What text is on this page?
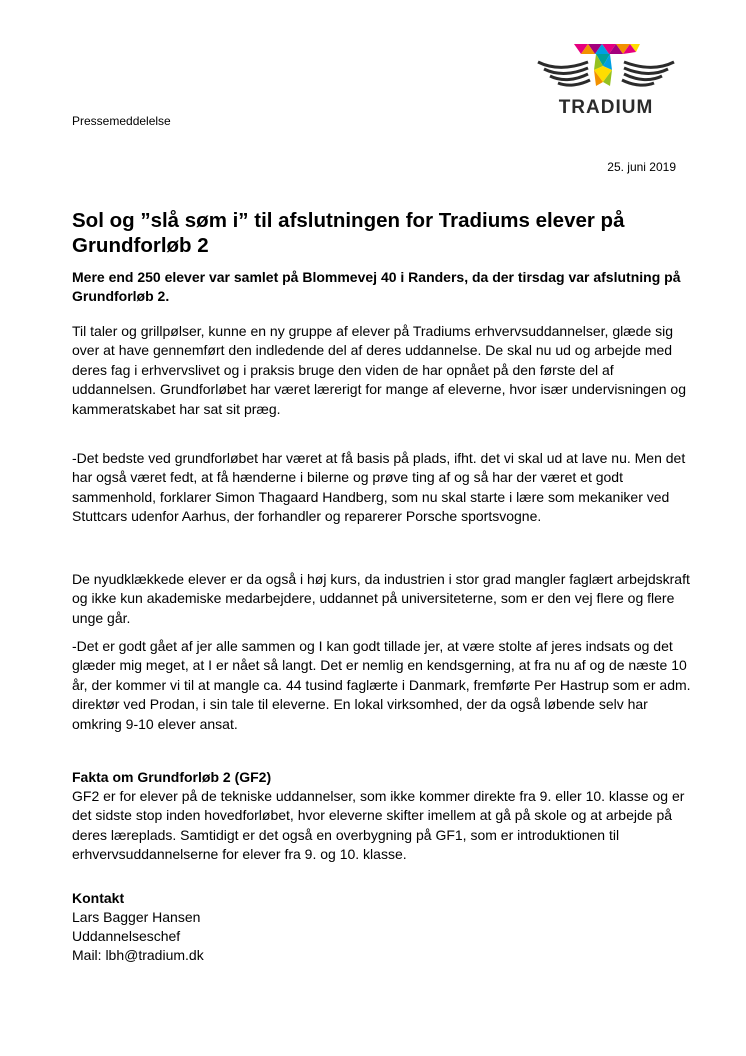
TRADIUM
Pressemeddelelse
25. juni 2019
Sol og ”slå søm i” til afslutningen for Tradiums elever på Grundforløb 2
Mere end 250 elever var samlet på Blommevej 40 i Randers, da der tirsdag var afslutning på Grundforløb 2.
Til taler og grillpølser, kunne en ny gruppe af elever på Tradiums erhvervsuddannelser, glæde sig over at have gennemført den indledende del af deres uddannelse. De skal nu ud og arbejde med deres fag i erhvervslivet og i praksis bruge den viden de har opnået på den første del af uddannelsen. Grundforløbet har været lærerigt for mange af eleverne, hvor især undervisningen og kammeratskabet har sat sit præg.
-Det bedste ved grundforløbet har været at få basis på plads, ifht. det vi skal ud at lave nu. Men det har også været fedt, at få hænderne i bilerne og prøve ting af og så har der været et godt sammenhold, forklarer Simon Thagaard Handberg, som nu skal starte i lære som mekaniker ved Stuttcars udenfor Aarhus, der forhandler og reparerer Porsche sportsvogne.
De nyudklækkede elever er da også i høj kurs, da industrien i stor grad mangler faglært arbejdskraft og ikke kun akademiske medarbejdere, uddannet på universiteterne, som er den vej flere og flere unge går.
-Det er godt gået af jer alle sammen og I kan godt tillade jer, at være stolte af jeres indsats og det glæder mig meget, at I er nået så langt. Det er nemlig en kendsgerning, at fra nu af og de næste 10 år, der kommer vi til at mangle ca. 44 tusind faglærte i Danmark, fremførte Per Hastrup som er adm. direktør ved Prodan, i sin tale til eleverne. En lokal virksomhed, der da også løbende selv har omkring 9-10 elever ansat.
Fakta om Grundforløb 2 (GF2)
GF2 er for elever på de tekniske uddannelser, som ikke kommer direkte fra 9. eller 10. klasse og er det sidste stop inden hovedforløbet, hvor eleverne skifter imellem at gå på skole og at arbejde på deres læreplads. Samtidigt er det også en overbygning på GF1, som er introduktionen til erhvervsuddannelserne for elever fra 9. og 10. klasse.
Kontakt
Lars Bagger Hansen
Uddannelseschef
Mail: lbh@tradium.dk
